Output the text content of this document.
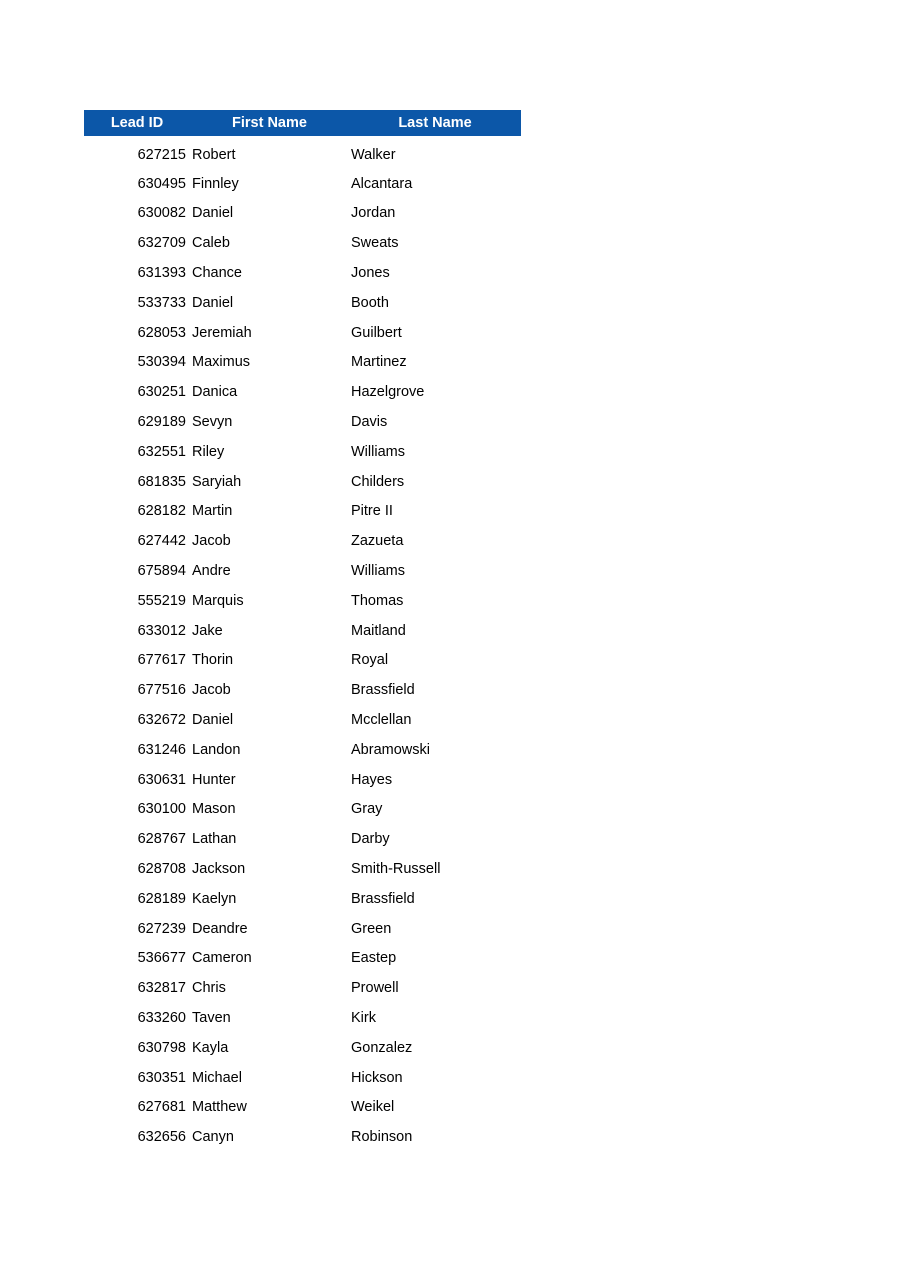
Lead ID	First Name	Last Name
627215	Robert	Walker
630495	Finnley	Alcantara
630082	Daniel	Jordan
632709	Caleb	Sweats
631393	Chance	Jones
533733	Daniel	Booth
628053	Jeremiah	Guilbert
530394	Maximus	Martinez
630251	Danica	Hazelgrove
629189	Sevyn	Davis
632551	Riley	Williams
681835	Saryiah	Childers
628182	Martin	Pitre II
627442	Jacob	Zazueta
675894	Andre	Williams
555219	Marquis	Thomas
633012	Jake	Maitland
677617	Thorin	Royal
677516	Jacob	Brassfield
632672	Daniel	Mcclellan
631246	Landon	Abramowski
630631	Hunter	Hayes
630100	Mason	Gray
628767	Lathan	Darby
628708	Jackson	Smith-Russell
628189	Kaelyn	Brassfield
627239	Deandre	Green
536677	Cameron	Eastep
632817	Chris	Prowell
633260	Taven	Kirk
630798	Kayla	Gonzalez
630351	Michael	Hickson
627681	Matthew	Weikel
632656	Canyn	Robinson
